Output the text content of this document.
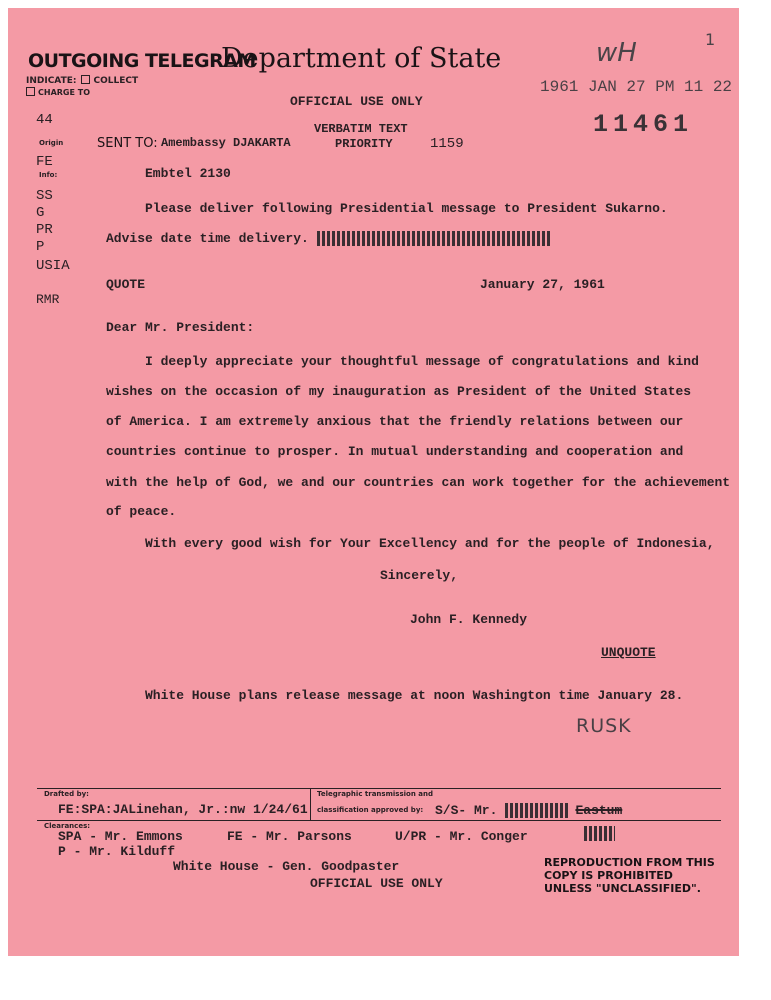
OUTGOING TELEGRAM
Department of State
INDICATE: COLLECT
CHARGE TO
wH	1
1961 JAN 27 PM 11 22
11461
OFFICIAL USE ONLY
44
Origin
FE
Info:
SS
G
PR
P
USIA
RMR
SENT TO: Amembassy DJAKARTA
VERBATIM TEXT
PRIORITY	1159
Embtel 2130
Please deliver following Presidential message to President Sukarno.
Advise date time delivery.
QUOTE	January 27, 1961
Dear Mr. President:
I deeply appreciate your thoughtful message of congratulations and kind
wishes on the occasion of my inauguration as President of the United States
of America. I am extremely anxious that the friendly relations between our
countries continue to prosper. In mutual understanding and cooperation and
with the help of God, we and our countries can work together for the achievement
of peace.
With every good wish for Your Excellency and for the people of Indonesia,
Sincerely,
John F. Kennedy
UNQUOTE
White House plans release message at noon Washington time January 28.
RUSK
Drafted by:
FE:SPA:JALinehan, Jr.:nw 1/24/61
Telegraphic transmission and
classification approved by: S/S- Mr.	Eastum
Clearances:
SPA - Mr. Emmons	FE - Mr. Parsons	U/PR - Mr. Conger
P - Mr. Kilduff
White House - Gen. Goodpaster
OFFICIAL USE ONLY
REPRODUCTION FROM THIS
COPY IS PROHIBITED
UNLESS "UNCLASSIFIED".
